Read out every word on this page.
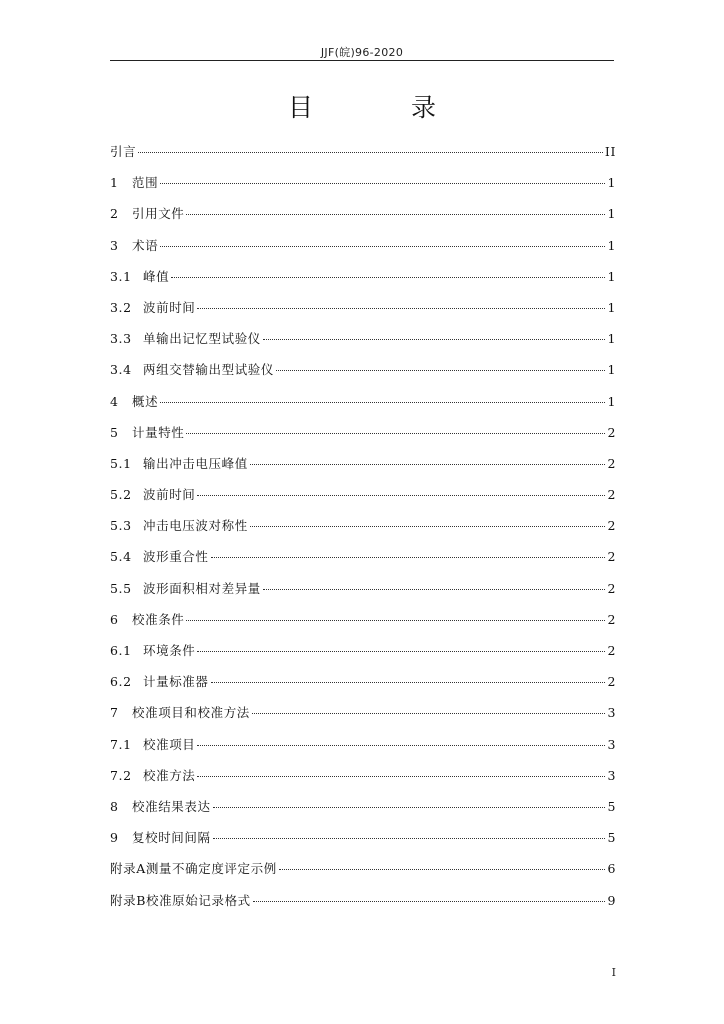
JJF(皖)96-2020
目 录
引言	II
1	范围	1
2	引用文件	1
3	术语	1
3.1 峰值	1
3.2 波前时间	1
3.3 单输出记忆型试验仪	1
3.4 两组交替输出型试验仪	1
4	概述	1
5	计量特性	2
5.1 输出冲击电压峰值	2
5.2 波前时间	2
5.3 冲击电压波对称性	2
5.4 波形重合性	2
5.5 波形面积相对差异量	2
6	校准条件	2
6.1 环境条件	2
6.2 计量标准器	2
7	校准项目和校准方法	3
7.1 校准项目	3
7.2 校准方法	3
8	校准结果表达	5
9	复校时间间隔	5
附录A测量不确定度评定示例	6
附录B校准原始记录格式	9
I
